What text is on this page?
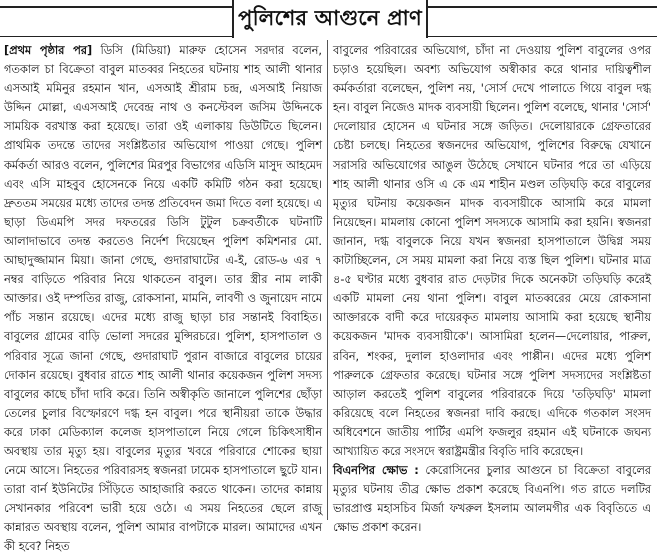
পুলিশের আগুনে প্রাণ

[প্রথম পৃষ্ঠার পর] ডিসি (মিডিয়া) মারুফ হোসেন সরদার বলেন, গতকাল চা বিক্রেতা বাবুল মাতব্বর নিহতের ঘটনায় শাহ আলী থানার এসআই মমিনুর রহমান খান, এসআই শ্রীরাম চন্দ্র, এসআই নিয়াজ উদ্দিন মোল্লা, এএসআই দেবেন্দ্র নাথ ও কনস্টেবল জসিম উদ্দিনকে সাময়িক বরখাস্ত করা হয়েছে। তারা ওই এলাকায় ডিউটিতে ছিলেন। প্রাথমিক তদন্তে তাদের সংশ্লিষ্টতার অভিযোগ পাওয়া গেছে। পুলিশ কর্মকর্তা আরও বলেন, পুলিশের মিরপুর বিভাগের এডিসি মাসুদ আহমেদ এবং এসি মাহবুব হোসেনকে নিয়ে একটি কমিটি গঠন করা হয়েছে। দ্রুততম সময়ের মধ্যে তাদের তদন্ত প্রতিবেদন জমা দিতে বলা হয়েছে। এ ছাড়া ডিএমপি সদর দফতরের ডিসি টুটুল চক্রবর্তীকে ঘটনাটি আলাদাভাবে তদন্ত করতেও নির্দেশ দিয়েছেন পুলিশ কমিশনার মো. আছাদুজ্জামান মিয়া। জানা গেছে, গুদারাঘাটের এ-ই, রোড-৬ এর ৭ নম্বর বাড়িতে পরিবার নিয়ে থাকতেন বাবুল। তার স্ত্রীর নাম লাকী আক্তার। ওই দম্পতির রাজু, রোকসানা, মামনি, লাবণী ও জুনায়েদ নামে পাঁচ সন্তান রয়েছে। এদের মধ্যে রাজু ছাড়া চার সন্তানই বিবাহিত। বাবুলের গ্রামের বাড়ি ভোলা সদরের মুন্সিরচরে। পুলিশ, হাসপাতাল ও পরিবার সূত্রে জানা গেছে, গুদারাঘাট পুরান বাজারে বাবুলের চায়ের দোকান রয়েছে। বুধবার রাতে শাহ আলী থানার কয়েকজন পুলিশ সদস্য বাবুলের কাছে চাঁদা দাবি করে। তিনি অস্বীকৃতি জানালে পুলিশের ছোঁড়া তেলের চুলার বিস্ফোরণে দগ্ধ হন বাবুল। পরে স্থানীয়রা তাকে উদ্ধার করে ঢাকা মেডিক্যাল কলেজ হাসপাতালে নিয়ে গেলে চিকিৎসাধীন অবস্থায় তার মৃত্যু হয়। বাবুলের মৃত্যুর খবরে পরিবারে শোকের ছায়া নেমে আসে। নিহতের পরিবারসহ স্বজনরা ঢামেক হাসপাতালে ছুটে যান। তারা বার্ন ইউনিটের সিঁড়িতে আহাজারি করতে থাকেন। তাদের কান্নায় সেখানকার পরিবেশ ভারী হয়ে ওঠে। এ সময় নিহতের ছেলে রাজু কান্নারত অবস্থায় বলেন, পুলিশ আমার বাপটাকে মারল। আমাদের এখন কী হবে? নিহত

বাবুলের পরিবারের অভিযোগ, চাঁদা না দেওয়ায় পুলিশ বাবুলের ওপর চড়াও হয়েছিল। অবশ্য অভিযোগ অস্বীকার করে থানার দায়িত্বশীল কর্মকর্তারা বলেছেন, পুলিশ নয়, 'সোর্স দেখে পালাতে গিয়ে বাবুল দগ্ধ হন। বাবুল নিজেও মাদক ব্যবসায়ী ছিলেন। পুলিশ বলেছে, থানার 'সোর্স' দেলোয়ার হোসেন এ ঘটনার সঙ্গে জড়িত। দেলোয়ারকে গ্রেফতারের চেষ্টা চলছে। নিহতের স্বজনদের অভিযোগ, পুলিশের বিরুদ্ধে যেখানে সরাসরি অভিযোগের আঙুল উঠেছে সেখানে ঘটনার পরে তা এড়িয়ে শাহ আলী থানার ওসি এ কে এম শাহীন মণ্ডল তড়িঘড়ি করে বাবুলের মৃত্যুর ঘটনায় কয়েকজন মাদক ব্যবসায়ীকে আসামি করে মামলা নিয়েছেন। মামলায় কোনো পুলিশ সদস্যকে আসামি করা হয়নি। স্বজনরা জানান, দগ্ধ বাবুলকে নিয়ে যখন স্বজনরা হাসপাতালে উদ্বিগ্ন সময় কাটাচ্ছিলেন, সে সময় মামলা করা নিয়ে ব্যস্ত ছিল পুলিশ। ঘটনার মাত্র ৪-৫ ঘণ্টার মধ্যে বুধবার রাত দেড়টার দিকে অনেকটা তড়িঘড়ি করেই একটি মামলা নেয় থানা পুলিশ। বাবুল মাতব্বরের মেয়ে রোকসানা আক্তারকে বাদী করে দায়েরকৃত মামলায় আসামি করা হয়েছে স্থানীয় কয়েকজন 'মাদক ব্যবসায়ীকে'। আসামিরা হলেন—দেলোয়ার, পারুল, রবিন, শংকর, দুলাল হাওলাদার এবং পাপ্পীন। এদের মধ্যে পুলিশ পারুলকে গ্রেফতার করেছে। ঘটনার সঙ্গে পুলিশ সদস্যদের সংশ্লিষ্টতা আড়াল করতেই পুলিশ বাবুলের পরিবারকে দিয়ে 'তড়িঘড়ি' মামলা করিয়েছে বলে নিহতের স্বজনরা দাবি করছে। এদিকে গতকাল সংসদ অধিবেশনে জাতীয় পার্টির এমপি ফজলুর রহমান এই ঘটনাকে জঘন্য আখ্যায়িত করে সংসদে স্বরাষ্ট্রমন্ত্রীর বিবৃতি দাবি করেছেন।

বিএনপির ক্ষোভ : কেরোসিনের চুলার আগুনে চা বিক্রেতা বাবুলের মৃত্যুর ঘটনায় তীব্র ক্ষোভ প্রকাশ করেছে বিএনপি। গত রাতে দলটির ভারপ্রাপ্ত মহাসচিব মির্জা ফখরুল ইসলাম আলমগীর এক বিবৃতিতে এ ক্ষোভ প্রকাশ করেন।
